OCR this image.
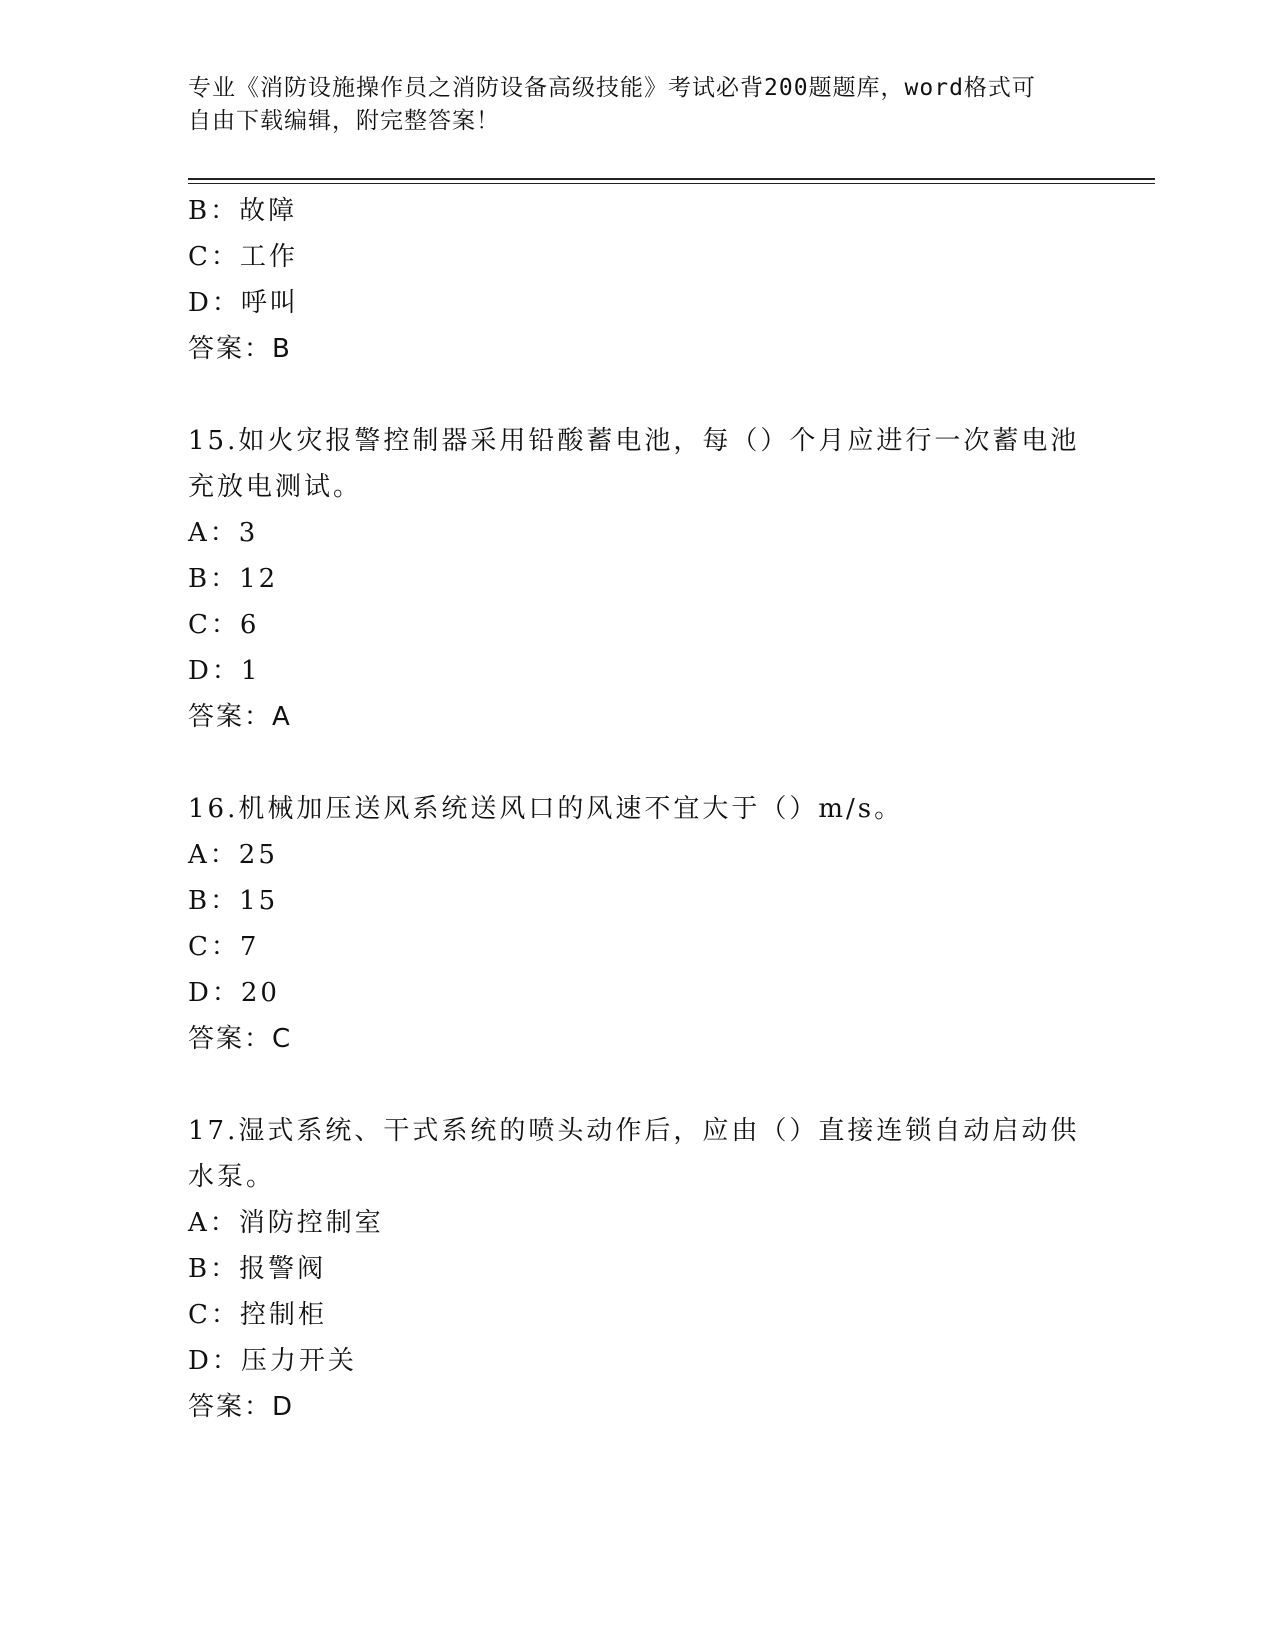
专业《消防设施操作员之消防设备高级技能》考试必背200题题库，word格式可
自由下载编辑，附完整答案！
B：故障
C：工作
D：呼叫
答案：B
15.如火灾报警控制器采用铅酸蓄电池，每（）个月应进行一次蓄电池
充放电测试。
A：3
B：12
C：6
D：1
答案：A
16.机械加压送风系统送风口的风速不宜大于（）m/s。
A：25
B：15
C：7
D：20
答案：C
17.湿式系统、干式系统的喷头动作后，应由（）直接连锁自动启动供
水泵。
A：消防控制室
B：报警阀
C：控制柜
D：压力开关
答案：D
